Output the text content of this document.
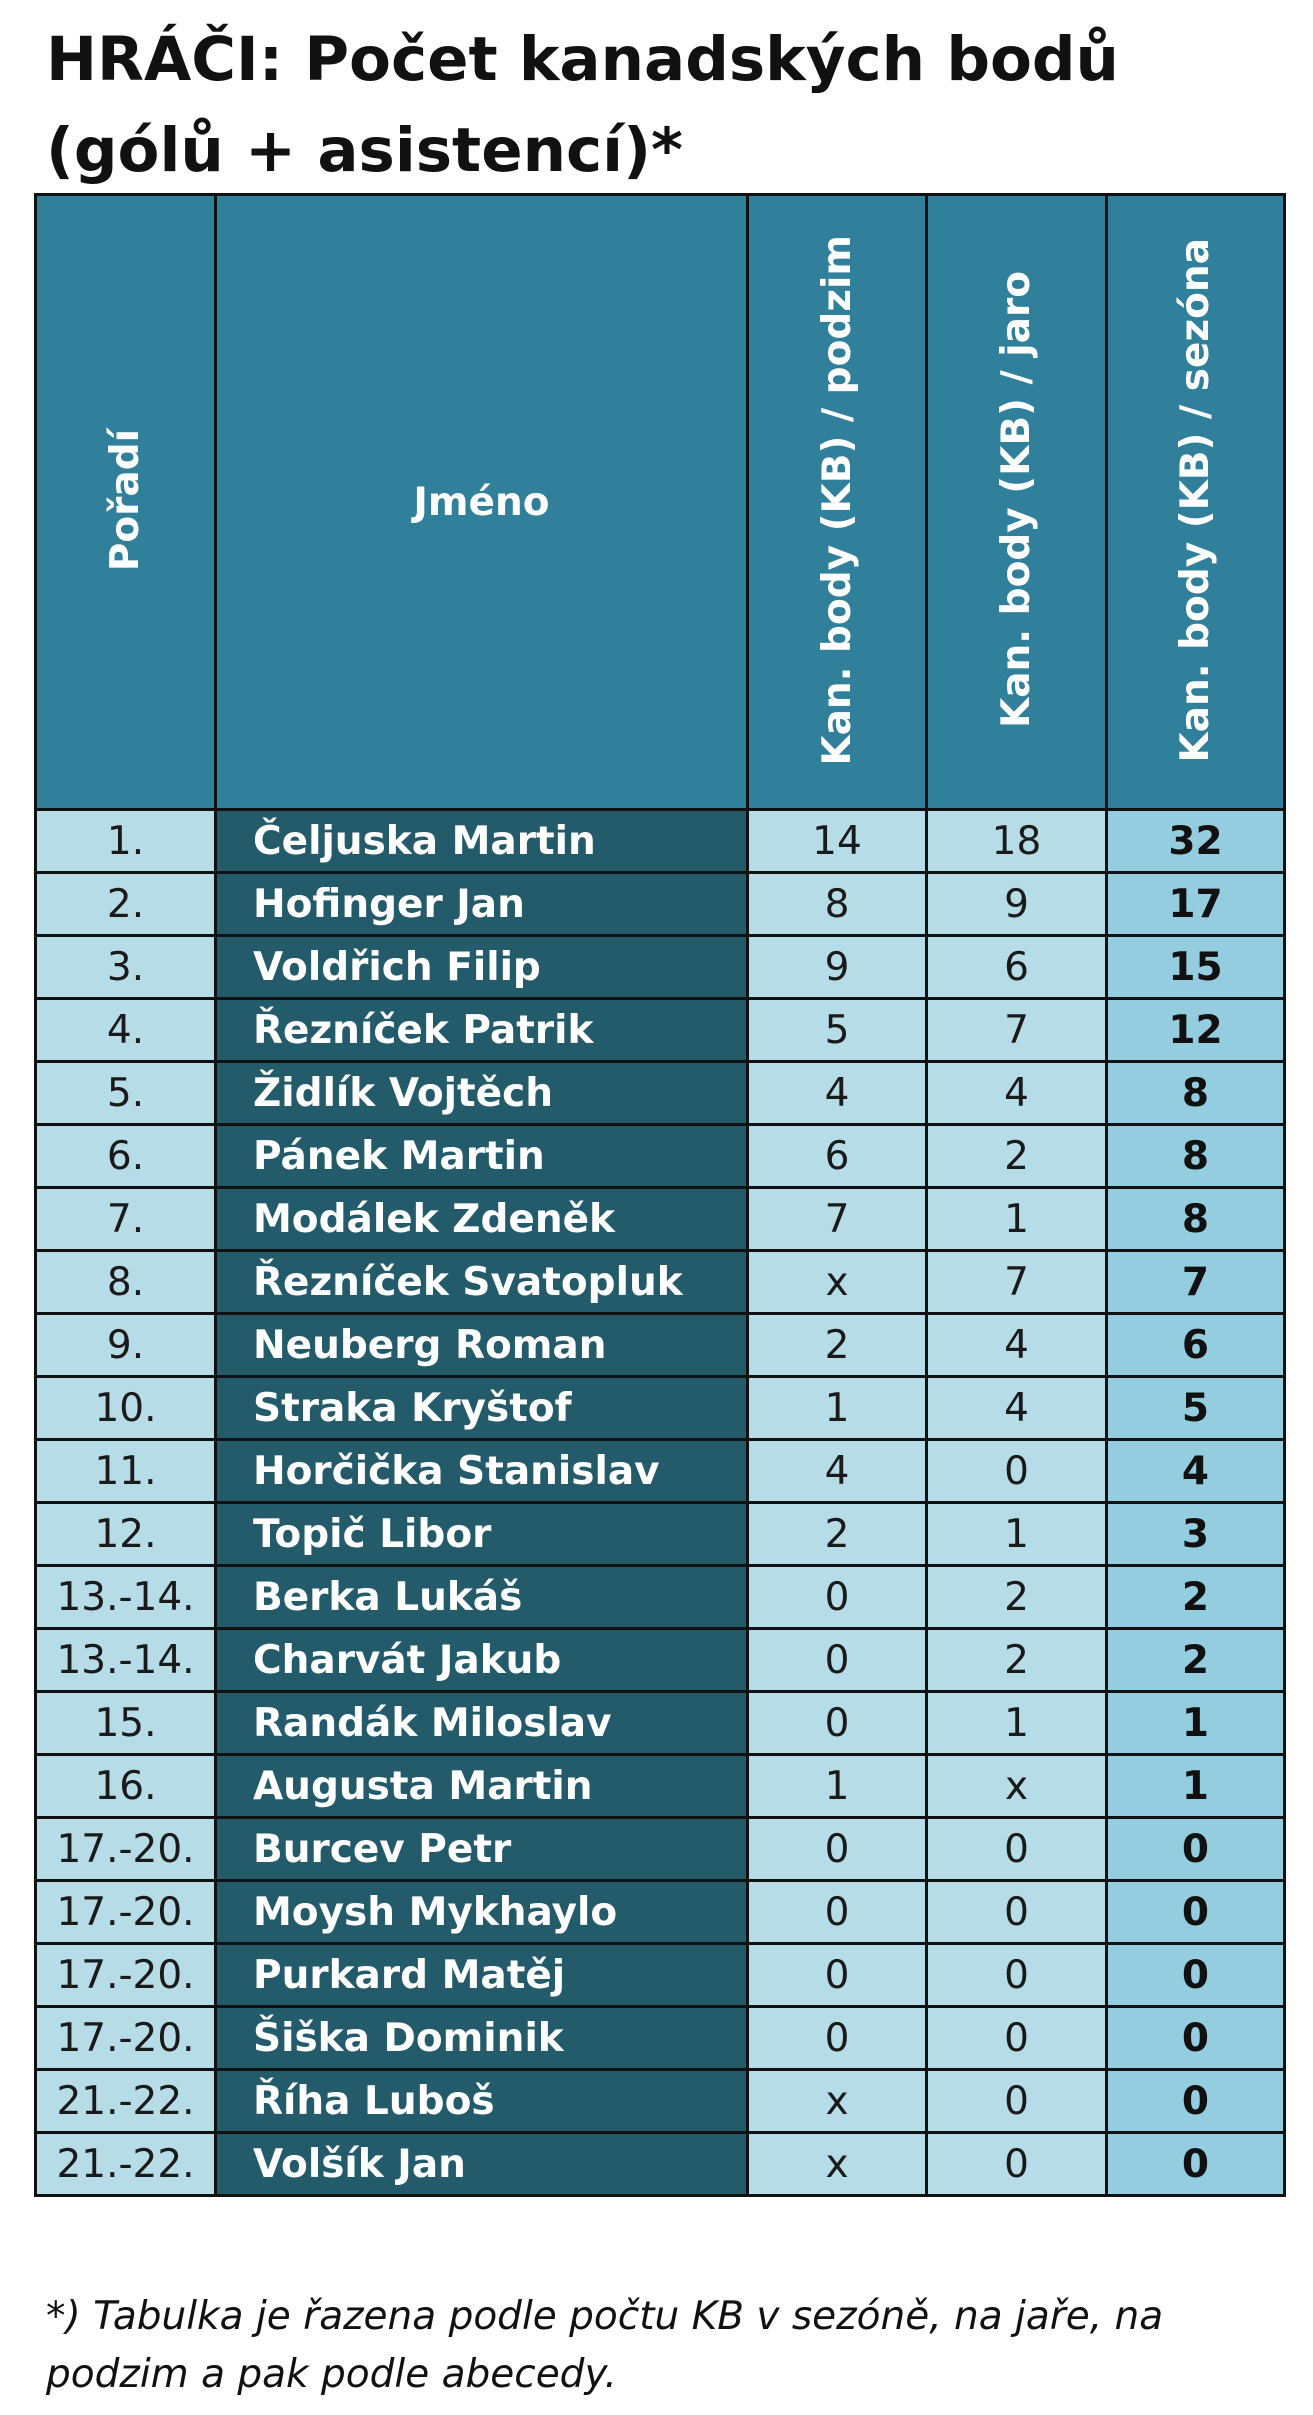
HRÁČI: Počet kanadských bodů (gólů + asistencí)*
Pořadí	Jméno	Kan. body (KB) / podzim	Kan. body (KB) / jaro	Kan. body (KB) / sezóna
1.	Čeljuska Martin	14	18	32
2.	Hofinger Jan	8	9	17
3.	Voldřich Filip	9	6	15
4.	Řezníček Patrik	5	7	12
5.	Židlík Vojtěch	4	4	8
6.	Pánek Martin	6	2	8
7.	Modálek Zdeněk	7	1	8
8.	Řezníček Svatopluk	x	7	7
9.	Neuberg Roman	2	4	6
10.	Straka Kryštof	1	4	5
11.	Horčička Stanislav	4	0	4
12.	Topič Libor	2	1	3
13.-14.	Berka Lukáš	0	2	2
13.-14.	Charvát Jakub	0	2	2
15.	Randák Miloslav	0	1	1
16.	Augusta Martin	1	x	1
17.-20.	Burcev Petr	0	0	0
17.-20.	Moysh Mykhaylo	0	0	0
17.-20.	Purkard Matěj	0	0	0
17.-20.	Šiška Dominik	0	0	0
21.-22.	Říha Luboš	x	0	0
21.-22.	Volšík Jan	x	0	0

*) Tabulka je řazena podle počtu KB v sezóně, na jaře, na podzim a pak podle abecedy.
